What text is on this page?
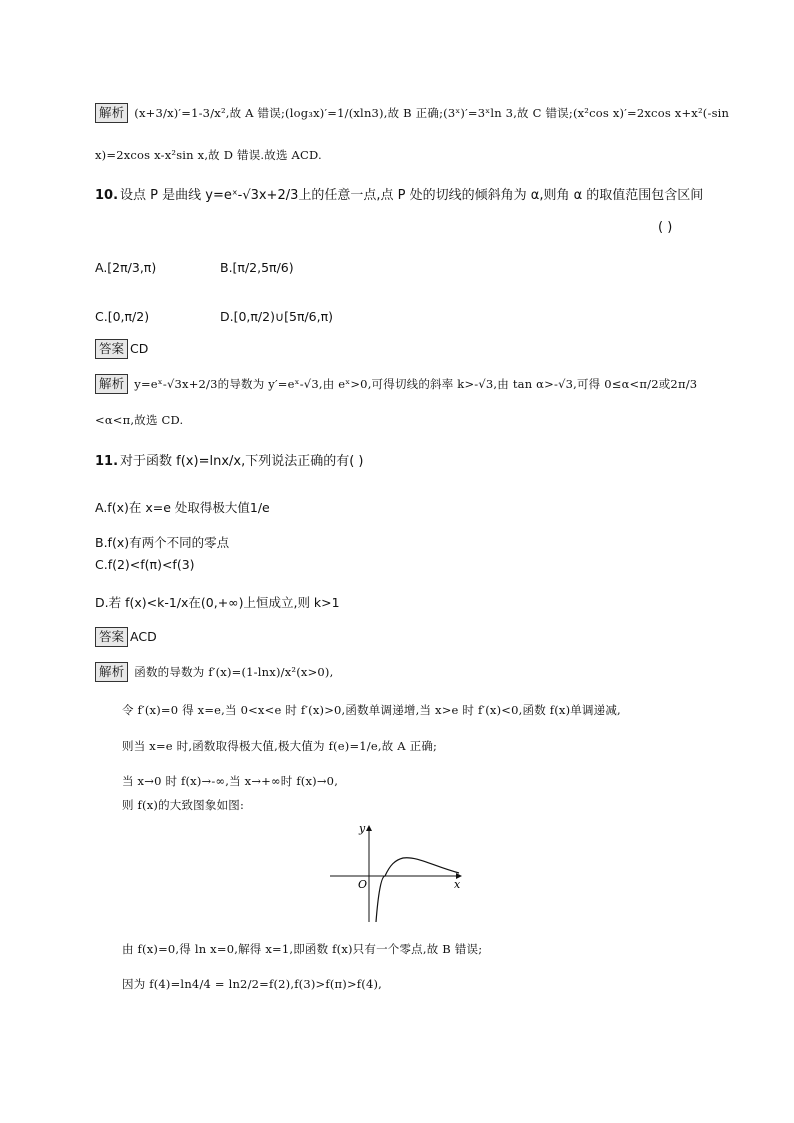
解析 (x+3/x)′=1-3/x²,故 A 错误;(log₃x)′=1/(xln3),故 B 正确;(3ˣ)′=3ˣln 3,故 C 错误;(x²cos x)′=2xcos x+x²(-sin
x)=2xcos x-x²sin x,故 D 错误.故选 ACD.
10. 设点 P 是曲线 y=eˣ-√3x+2/3上的任意一点,点 P 处的切线的倾斜角为 α,则角 α 的取值范围包含区间
( )
A.[2π/3,π)	B.[π/2,5π/6)
C.[0,π/2)	D.[0,π/2)∪[5π/6,π)
答案 CD
解析 y=eˣ-√3x+2/3的导数为 y′=eˣ-√3,由 eˣ>0,可得切线的斜率 k>-√3,由 tan α>-√3,可得 0≤α<π/2或2π/3
<α<π,故选 CD.
11. 对于函数 f(x)=lnx/x,下列说法正确的有( )
A.f(x)在 x=e 处取得极大值1/e
B.f(x)有两个不同的零点
C.f(2)<f(π)<f(3)
D.若 f(x)<k-1/x在(0,+∞)上恒成立,则 k>1
答案 ACD
解析 函数的导数为 f′(x)=(1-lnx)/x²(x>0),
令 f′(x)=0 得 x=e,当 0<x<e 时 f′(x)>0,函数单调递增,当 x>e 时 f′(x)<0,函数 f(x)单调递减,
则当 x=e 时,函数取得极大值,极大值为 f(e)=1/e,故 A 正确;
当 x→0 时 f(x)→-∞,当 x→+∞时 f(x)→0,
则 f(x)的大致图象如图:
y
x
O
由 f(x)=0,得 ln x=0,解得 x=1,即函数 f(x)只有一个零点,故 B 错误;
因为 f(4)=ln4/4 = ln2/2=f(2),f(3)>f(π)>f(4),
